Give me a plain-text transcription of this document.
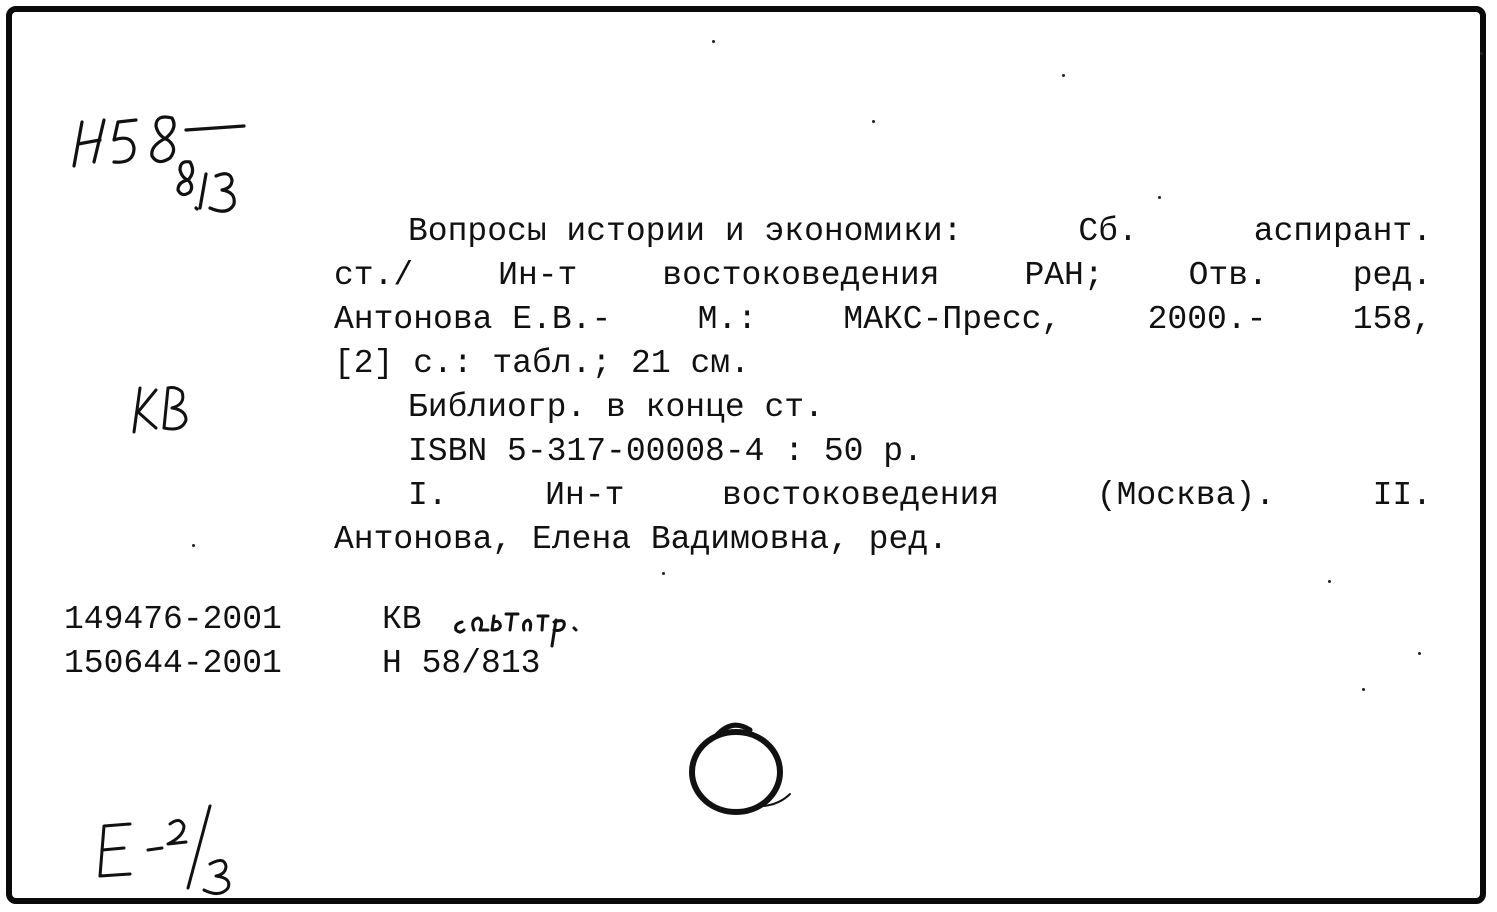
Вопросы истории и экономики:	Сб.	аспирант.
ст./	Ин-т	востоковедения	РАН;	Отв.	ред.
Антонова Е.В.-	М.:	МАКС-Пресс,	2000.-	158,
[2] с.: табл.; 21 см.
Библиогр. в конце ст.
ISBN 5-317-00008-4 : 50 р.
I.	Ин-т	востоковедения	(Москва).	II.
Антонова, Елена Вадимовна, ред.
149476-2001	КВ
150644-2001	Н 58/813
